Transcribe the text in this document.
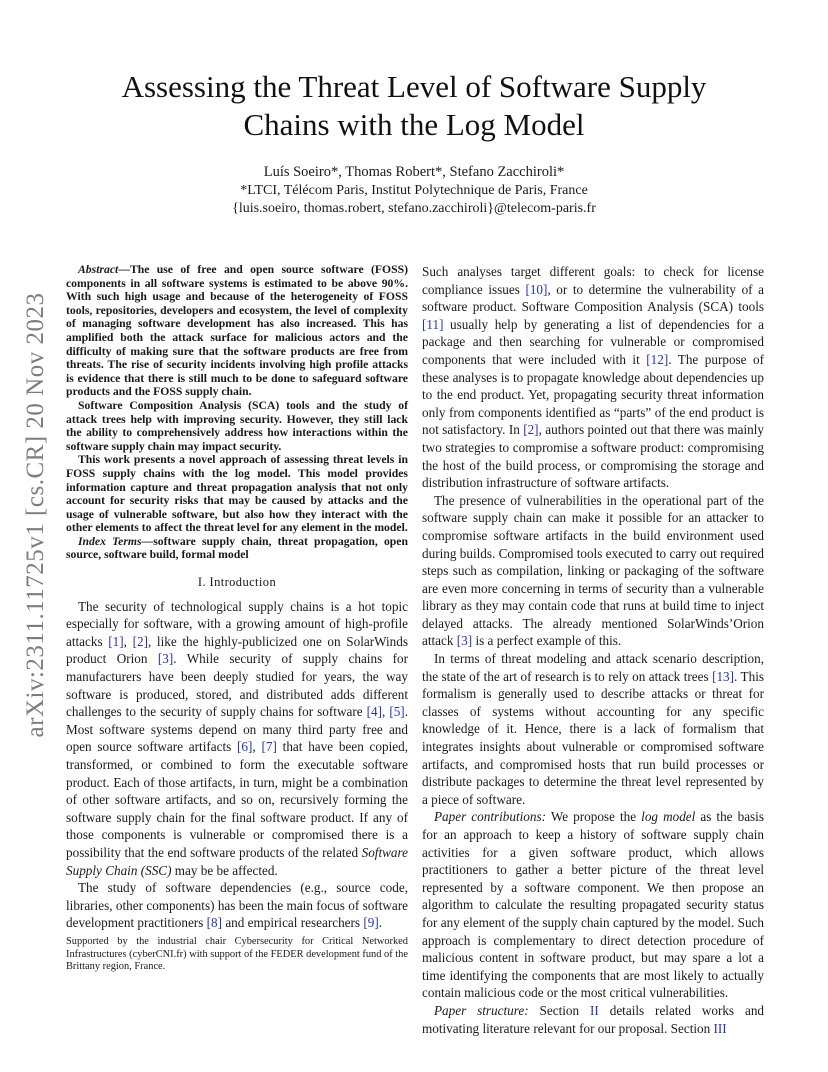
arXiv:2311.11725v1 [cs.CR] 20 Nov 2023
Assessing the Threat Level of Software Supply
Chains with the Log Model
Luís Soeiro*, Thomas Robert*, Stefano Zacchiroli*
*LTCI, Télécom Paris, Institut Polytechnique de Paris, France
{luis.soeiro, thomas.robert, stefano.zacchiroli}@telecom-paris.fr

Abstract—The use of free and open source software (FOSS) components in all software systems is estimated to be above 90%. With such high usage and because of the heterogeneity of FOSS tools, repositories, developers and ecosystem, the level of complexity of managing software development has also increased. This has amplified both the attack surface for malicious actors and the difficulty of making sure that the software products are free from threats. The rise of security incidents involving high profile attacks is evidence that there is still much to be done to safeguard software products and the FOSS supply chain.

Software Composition Analysis (SCA) tools and the study of attack trees help with improving security. However, they still lack the ability to comprehensively address how interactions within the software supply chain may impact security.

This work presents a novel approach of assessing threat levels in FOSS supply chains with the log model. This model provides information capture and threat propagation analysis that not only account for security risks that may be caused by attacks and the usage of vulnerable software, but also how they interact with the other elements to affect the threat level for any element in the model.

Index Terms—software supply chain, threat propagation, open source, software build, formal model

I. Introduction

The security of technological supply chains is a hot topic especially for software, with a growing amount of high-profile attacks [1], [2], like the highly-publicized one on SolarWinds product Orion [3]. While security of supply chains for manufacturers have been deeply studied for years, the way software is produced, stored, and distributed adds different challenges to the security of supply chains for software [4], [5]. Most software systems depend on many third party free and open source software artifacts [6], [7] that have been copied, transformed, or combined to form the executable software product. Each of those artifacts, in turn, might be a combination of other software artifacts, and so on, recursively forming the software supply chain for the final software product. If any of those components is vulnerable or compromised there is a possibility that the end software products of the related Software Supply Chain (SSC) may be be affected.

The study of software dependencies (e.g., source code, libraries, other components) has been the main focus of software development practitioners [8] and empirical researchers [9].

Supported by the industrial chair Cybersecurity for Critical Networked Infrastructures (cyberCNI.fr) with support of the FEDER development fund of the Brittany region, France.

Such analyses target different goals: to check for license compliance issues [10], or to determine the vulnerability of a software product. Software Composition Analysis (SCA) tools [11] usually help by generating a list of dependencies for a package and then searching for vulnerable or compromised components that were included with it [12]. The purpose of these analyses is to propagate knowledge about dependencies up to the end product. Yet, propagating security threat information only from components identified as “parts” of the end product is not satisfactory. In [2], authors pointed out that there was mainly two strategies to compromise a software product: compromising the host of the build process, or compromising the storage and distribution infrastructure of software artifacts.

The presence of vulnerabilities in the operational part of the software supply chain can make it possible for an attacker to compromise software artifacts in the build environment used during builds. Compromised tools executed to carry out required steps such as compilation, linking or packaging of the software are even more concerning in terms of security than a vulnerable library as they may contain code that runs at build time to inject delayed attacks. The already mentioned SolarWinds’Orion attack [3] is a perfect example of this.

In terms of threat modeling and attack scenario description, the state of the art of research is to rely on attack trees [13]. This formalism is generally used to describe attacks or threat for classes of systems without accounting for any specific knowledge of it. Hence, there is a lack of formalism that integrates insights about vulnerable or compromised software artifacts, and compromised hosts that run build processes or distribute packages to determine the threat level represented by a piece of software.

Paper contributions: We propose the log model as the basis for an approach to keep a history of software supply chain activities for a given software product, which allows practitioners to gather a better picture of the threat level represented by a software component. We then propose an algorithm to calculate the resulting propagated security status for any element of the supply chain captured by the model. Such approach is complementary to direct detection procedure of malicious content in software product, but may spare a lot a time identifying the components that are most likely to actually contain malicious code or the most critical vulnerabilities.

Paper structure: Section II details related works and motivating literature relevant for our proposal. Section III
